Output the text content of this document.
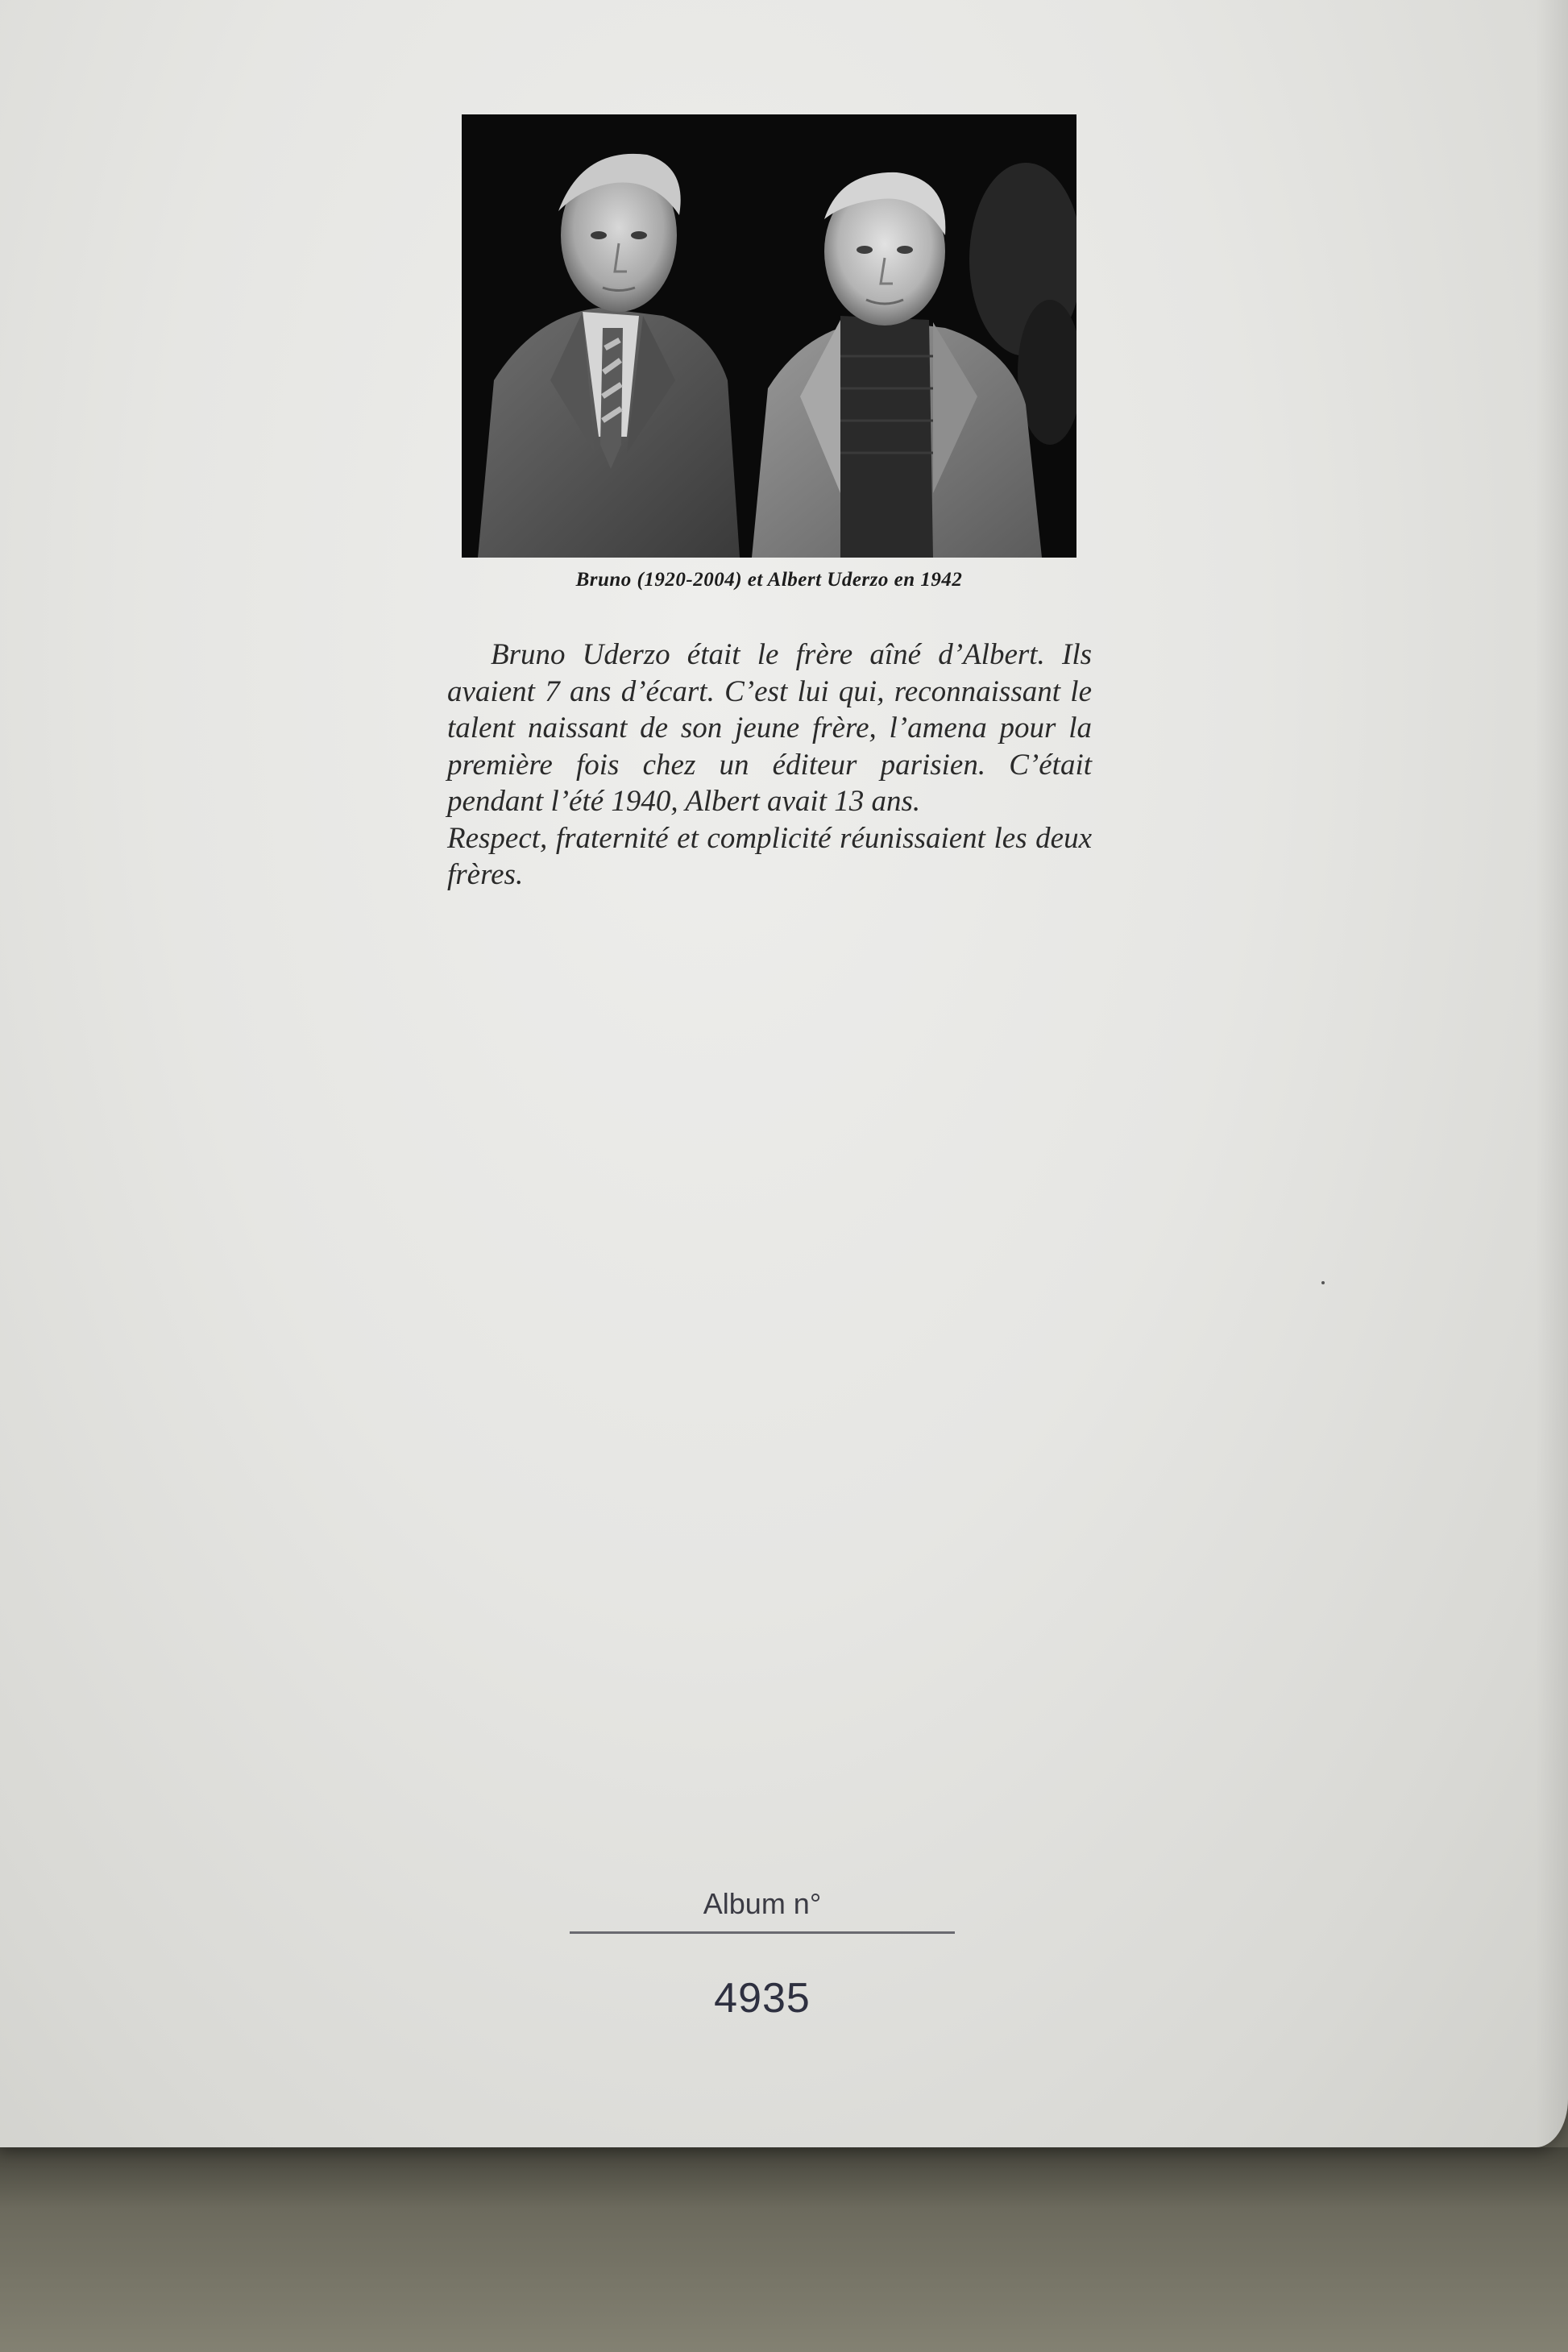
Bruno (1920-2004) et Albert Uderzo en 1942

Bruno Uderzo était le frère aîné d’Albert. Ils avaient 7 ans d’écart. C’est lui qui, reconnaissant le talent naissant de son jeune frère, l’amena pour la première fois chez un éditeur parisien. C’était pendant l’été 1940, Albert avait 13 ans.

Respect, fraternité et complicité réunissaient les deux frères.

Album n°
4935
